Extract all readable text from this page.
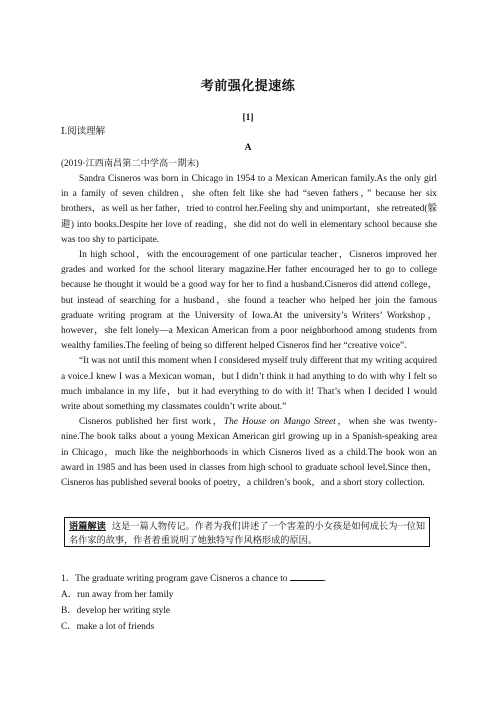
考前强化提速练
[1]
Ⅰ.阅读理解
A
(2019·江西南昌第二中学高一期末)

Sandra Cisneros was born in Chicago in 1954 to a Mexican American family.As the only girl in a family of seven children，she often felt like she had “seven fathers，” because her six brothers，as well as her father，tried to control her.Feeling shy and unimportant，she retreated(躲避) into books.Despite her love of reading，she did not do well in elementary school because she was too shy to participate.

In high school，with the encouragement of one particular teacher，Cisneros improved her grades and worked for the school literary magazine.Her father encouraged her to go to college because he thought it would be a good way for her to find a husband.Cisneros did attend college，but instead of searching for a husband，she found a teacher who helped her join the famous graduate writing program at the University of Iowa.At the university’s Writers’ Workshop，however，she felt lonely—a Mexican American from a poor neighborhood among students from wealthy families.The feeling of being so different helped Cisneros find her “creative voice”.

“It was not until this moment when I considered myself truly different that my writing acquired a voice.I knew I was a Mexican woman，but I didn’t think it had anything to do with why I felt so much imbalance in my life，but it had everything to do with it! That’s when I decided I would write about something my classmates couldn’t write about.”

Cisneros published her first work，The House on Mango Street，when she was twenty-nine.The book talks about a young Mexican American girl growing up in a Spanish-speaking area in Chicago，much like the neighborhoods in which Cisneros lived as a child.The book won an award in 1985 and has been used in classes from high school to graduate school level.Since then，Cisneros has published several books of poetry，a children’s book，and a short story collection.

语篇解读 这是一篇人物传记。作者为我们讲述了一个害羞的小女孩是如何成长为一位知名作家的故事，作者着重说明了她独特写作风格形成的原因。
1．The graduate writing program gave Cisneros a chance to	.
A．run away from her family
B．develop her writing style
C．make a lot of friends
